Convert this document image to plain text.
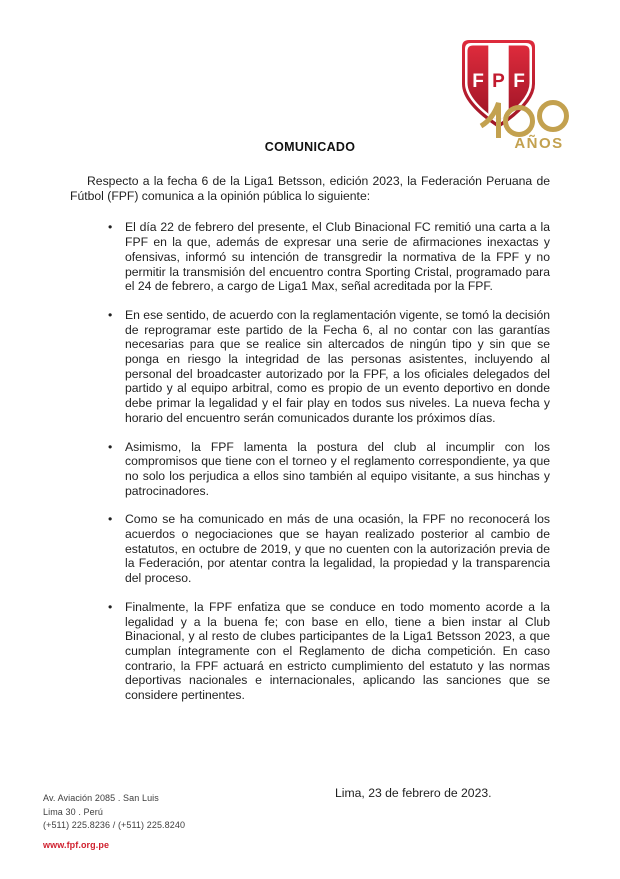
F P F
AÑOS
COMUNICADO

Respecto a la fecha 6 de la Liga1 Betsson, edición 2023, la Federación Peruana de Fútbol (FPF) comunica a la opinión pública lo siguiente:

• El día 22 de febrero del presente, el Club Binacional FC remitió una carta a la FPF en la que, además de expresar una serie de afirmaciones inexactas y ofensivas, informó su intención de transgredir la normativa de la FPF y no permitir la transmisión del encuentro contra Sporting Cristal, programado para el 24 de febrero, a cargo de Liga1 Max, señal acreditada por la FPF.
• En ese sentido, de acuerdo con la reglamentación vigente, se tomó la decisión de reprogramar este partido de la Fecha 6, al no contar con las garantías necesarias para que se realice sin altercados de ningún tipo y sin que se ponga en riesgo la integridad de las personas asistentes, incluyendo al personal del broadcaster autorizado por la FPF, a los oficiales delegados del partido y al equipo arbitral, como es propio de un evento deportivo en donde debe primar la legalidad y el fair play en todos sus niveles. La nueva fecha y horario del encuentro serán comunicados durante los próximos días.
• Asimismo, la FPF lamenta la postura del club al incumplir con los compromisos que tiene con el torneo y el reglamento correspondiente, ya que no solo los perjudica a ellos sino también al equipo visitante, a sus hinchas y patrocinadores.
• Como se ha comunicado en más de una ocasión, la FPF no reconocerá los acuerdos o negociaciones que se hayan realizado posterior al cambio de estatutos, en octubre de 2019, y que no cuenten con la autorización previa de la Federación, por atentar contra la legalidad, la propiedad y la transparencia del proceso.
• Finalmente, la FPF enfatiza que se conduce en todo momento acorde a la legalidad y a la buena fe; con base en ello, tiene a bien instar al Club Binacional, y al resto de clubes participantes de la Liga1 Betsson 2023, a que cumplan íntegramente con el Reglamento de dicha competición. En caso contrario, la FPF actuará en estricto cumplimiento del estatuto y las normas deportivas nacionales e internacionales, aplicando las sanciones que se considere pertinentes.
Lima, 23 de febrero de 2023.
Av. Aviación 2085 . San Luis
Lima 30 . Perú
(+511) 225.8236 / (+511) 225.8240
www.fpf.org.pe
